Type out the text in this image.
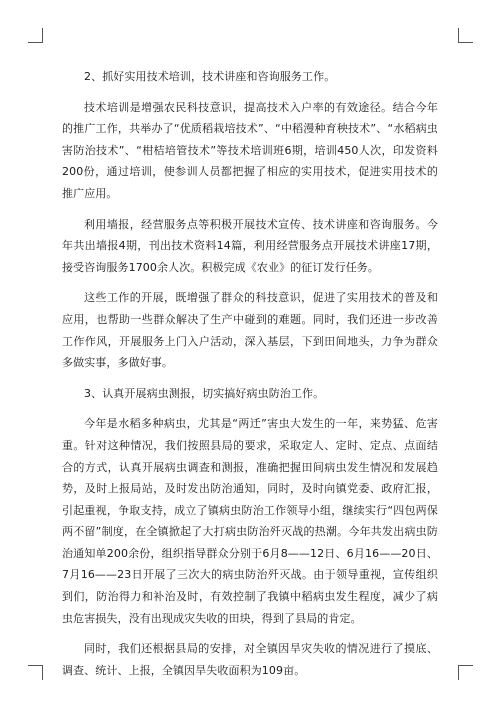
2、抓好实用技术培训，技术讲座和咨询服务工作。

技术培训是增强农民科技意识，提高技术入户率的有效途径。结合今年的推广工作，共举办了“优质稻栽培技术”、“中稻漫种育秧技术”、“水稻病虫害防治技术”、“柑桔培管技术”等技术培训班6期，培训450人次，印发资料200份，通过培训，使参训人员都把握了相应的实用技术，促进实用技术的推广应用。

利用墙报，经营服务点等积极开展技术宣传、技术讲座和咨询服务。今年共出墙报4期，刊出技术资料14篇，利用经营服务点开展技术讲座17期，接受咨询服务1700余人次。积极完成《农业》的征订发行任务。

这些工作的开展，既增强了群众的科技意识，促进了实用技术的普及和应用，也帮助一些群众解决了生产中碰到的难题。同时，我们还进一步改善工作作风，开展服务上门入户活动，深入基层，下到田间地头，力争为群众多做实事，多做好事。

3、认真开展病虫测报，切实搞好病虫防治工作。

今年是水稻多种病虫，尤其是“两迁”害虫大发生的一年，来势猛、危害重。针对这种情况，我们按照县局的要求，采取定人、定时、定点、点面结合的方式，认真开展病虫调查和测报，准确把握田间病虫发生情况和发展趋势，及时上报局站，及时发出防治通知，同时，及时向镇党委、政府汇报，引起重视，争取支持，成立了镇病虫防治工作领导小组，继续实行“四包两保两不留”制度，在全镇掀起了大打病虫防治歼灭战的热潮。今年共发出病虫防治通知单200余份，组织指导群众分别于6月8——12日、6月16——20日、7月16——23日开展了三次大的病虫防治歼灭战。由于领导重视，宣传组织到们，防治得力和补治及时，有效控制了我镇中稻病虫发生程度，减少了病虫危害损失，没有出现成灾失收的田块，得到了县局的肯定。

同时，我们还根据县局的安排，对全镇因旱灾失收的情况进行了摸底、调查、统计、上报，全镇因旱失收面积为109亩。
